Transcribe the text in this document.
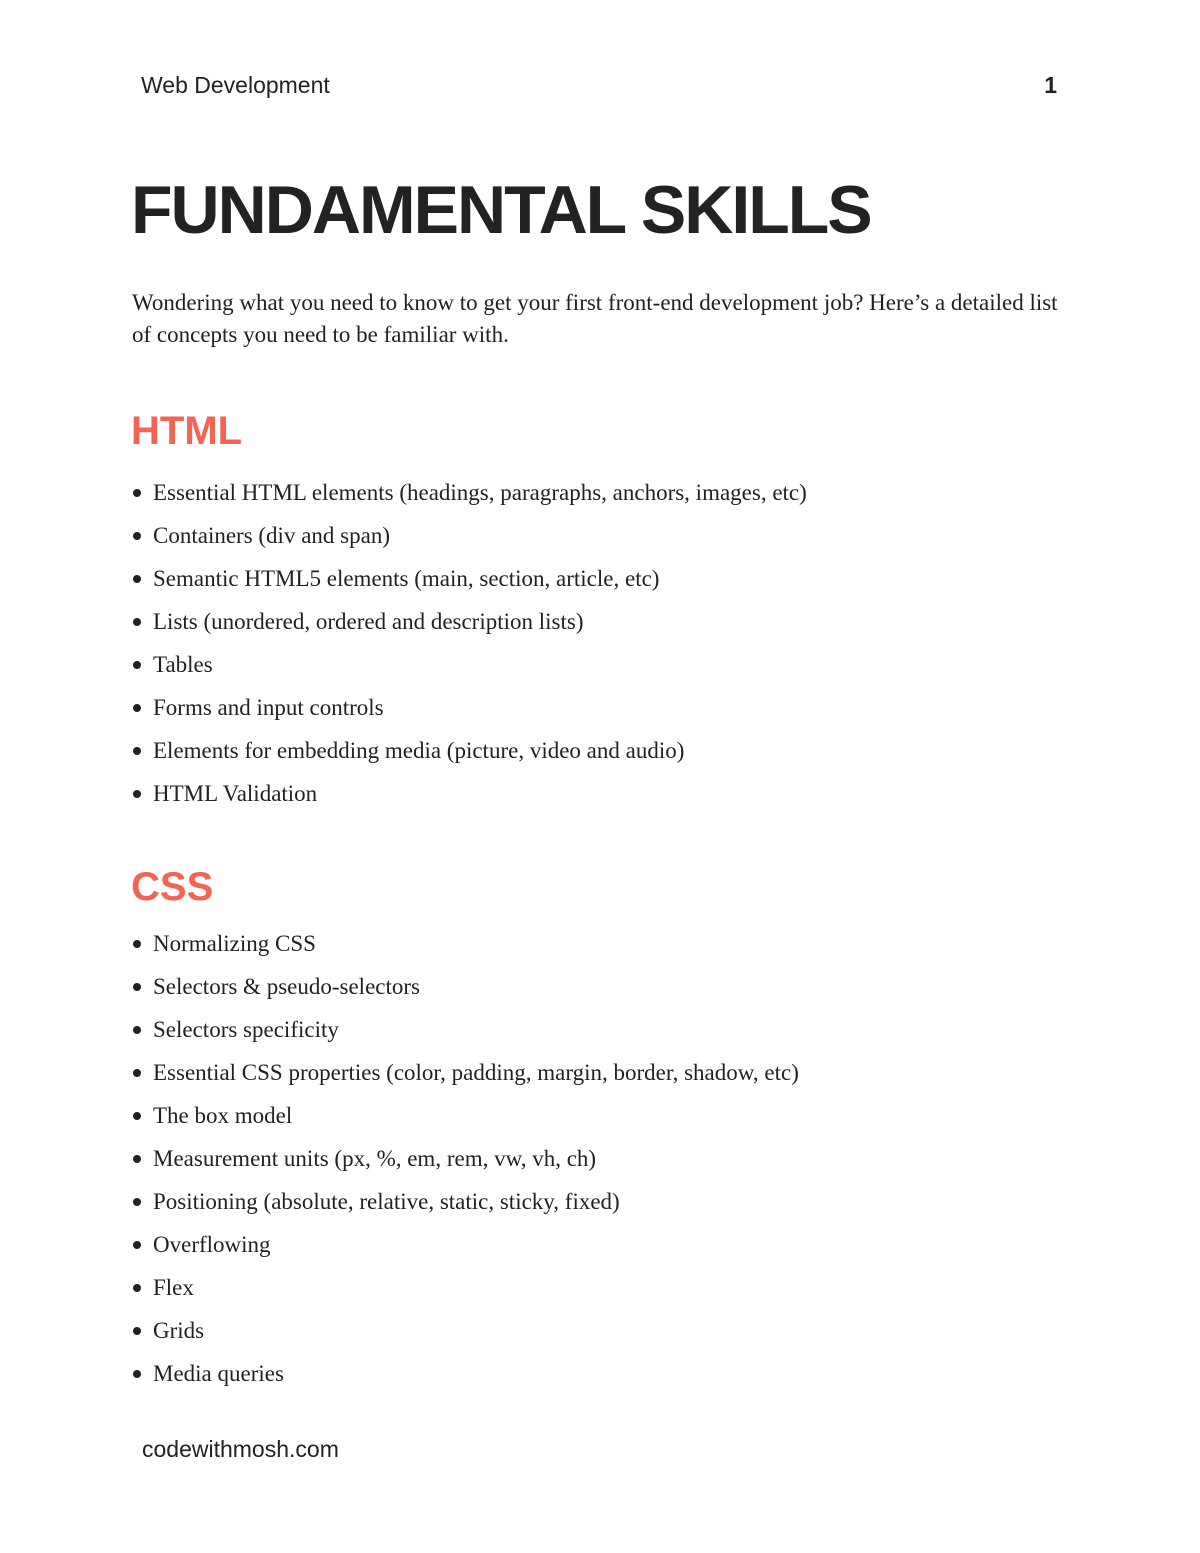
Web Development	1
FUNDAMENTAL SKILLS

Wondering what you need to know to get your first front-end development job? Here’s a detailed list of concepts you need to be familiar with.

HTML
Essential HTML elements (headings, paragraphs, anchors, images, etc)
Containers (div and span)
Semantic HTML5 elements (main, section, article, etc)
Lists (unordered, ordered and description lists)
Tables
Forms and input controls
Elements for embedding media (picture, video and audio)
HTML Validation
CSS
Normalizing CSS
Selectors & pseudo-selectors
Selectors specificity
Essential CSS properties (color, padding, margin, border, shadow, etc)
The box model
Measurement units (px, %, em, rem, vw, vh, ch)
Positioning (absolute, relative, static, sticky, fixed)
Overflowing
Flex
Grids
Media queries
codewithmosh.com
